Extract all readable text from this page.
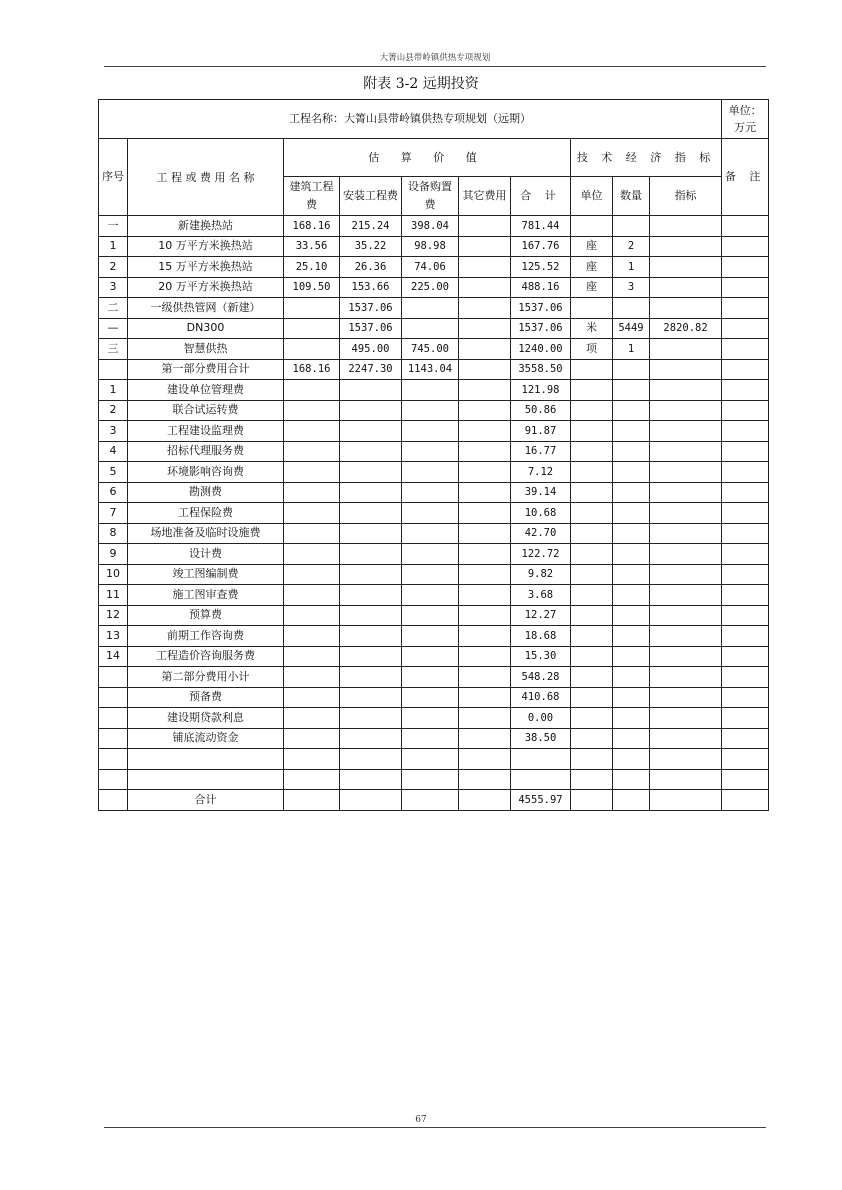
大箐山县带岭镇供热专项规划
附表 3-2 远期投资
工程名称：大箐山县带岭镇供热专项规划（远期）										单位：万元
序号	工 程 或 费 用 名 称	估 算 价 值					技 术 经 济 指 标			备 注
		建筑工程费	安装工程费	设备购置费	其它费用	合 计	单位	数量	指标	
一	新建换热站	168.16	215.24	398.04		781.44				
1	10 万平方米换热站	33.56	35.22	98.98		167.76	座	2		
2	15 万平方米换热站	25.10	26.36	74.06		125.52	座	1		
3	20 万平方米换热站	109.50	153.66	225.00		488.16	座	3		
二	一级供热管网（新建）		1537.06			1537.06				
—	DN300		1537.06			1537.06	米	5449	2820.82	
三	智慧供热		495.00	745.00		1240.00	项	1		
	第一部分费用合计	168.16	2247.30	1143.04		3558.50				
1	建设单位管理费					121.98				
2	联合试运转费					50.86				
3	工程建设监理费					91.87				
4	招标代理服务费					16.77				
5	环境影响咨询费					7.12				
6	勘测费					39.14				
7	工程保险费					10.68				
8	场地准备及临时设施费					42.70				
9	设计费					122.72				
10	竣工图编制费					9.82				
11	施工图审查费					3.68				
12	预算费					12.27				
13	前期工作咨询费					18.68				
14	工程造价咨询服务费					15.30				
	第二部分费用小计					548.28				
	预备费					410.68				
	建设期贷款利息					0.00				
	铺底流动资金					38.50				

	合计					4555.97				
67
